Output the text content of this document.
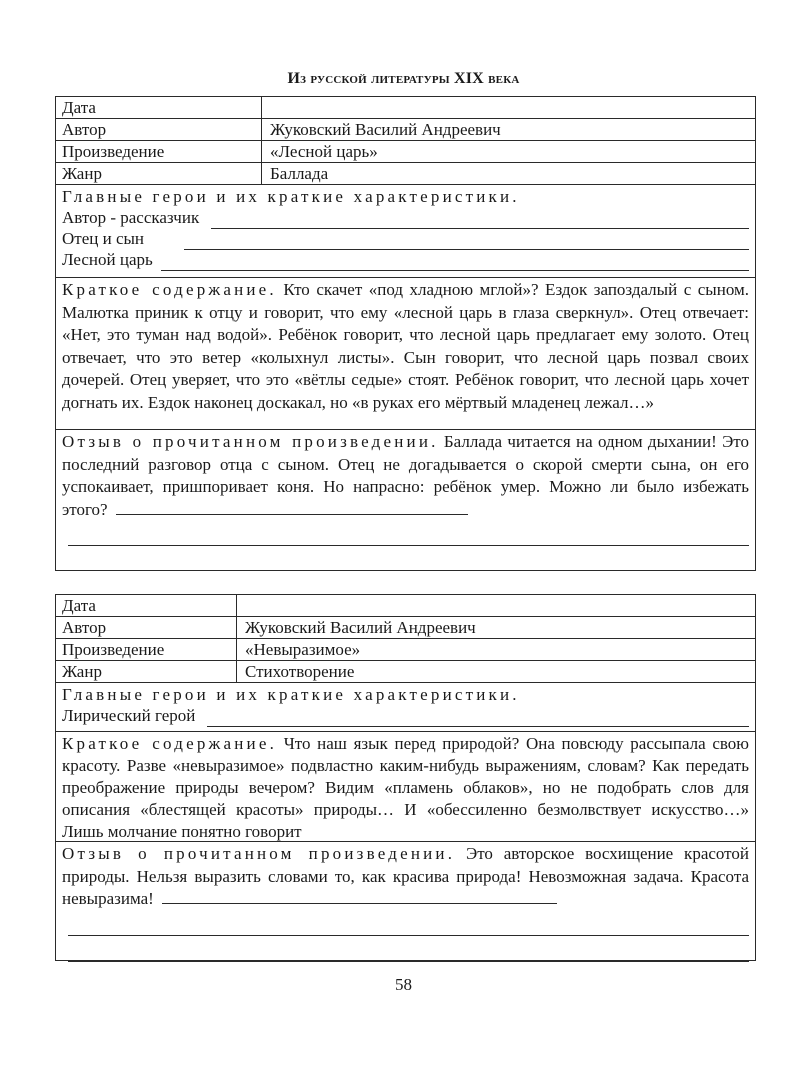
Из русской литературы XIX века
Дата
Автор	Жуковский Василий Андреевич
Произведение	«Лесной царь»
Жанр	Баллада
Главные герои и их краткие характеристики.
Автор - рассказчик
Отец и сын
Лесной царь
Краткое содержание. Кто скачет «под хладною мглой»? Ездок запоздалый с сыном. Малютка приник к отцу и говорит, что ему «лесной царь в глаза сверкнул». Отец отвечает: «Нет, это туман над водой». Ребёнок говорит, что лесной царь предлагает ему золото. Отец отвечает, что это ветер «колыхнул листы». Сын говорит, что лесной царь позвал своих дочерей. Отец уверяет, что это «вётлы седые» стоят. Ребёнок говорит, что лесной царь хочет догнать их. Ездок наконец доскакал, но «в руках его мёртвый младенец лежал…»
Отзыв о прочитанном произведении. Баллада читается на одном дыхании! Это последний разговор отца с сыном. Отец не догадывается о скорой смерти сына, он его успокаивает, пришпоривает коня. Но напрасно: ребёнок умер. Можно ли было избежать этого?
Дата
Автор	Жуковский Василий Андреевич
Произведение	«Невыразимое»
Жанр	Стихотворение
Главные герои и их краткие характеристики.
Лирический герой
Краткое содержание. Что наш язык перед природой? Она повсюду рассыпала свою красоту. Разве «невыразимое» подвластно каким-нибудь выражениям, словам? Как передать преображение природы вечером? Видим «пламень облаков», но не подобрать слов для описания «блестящей красоты» природы… И «обессиленно безмолвствует искусство…» Лишь молчание понятно говорит
Отзыв о прочитанном произведении. Это авторское восхищение красотой природы. Нельзя выразить словами то, как красива природа! Невозможная задача. Красота невыразима!
58
